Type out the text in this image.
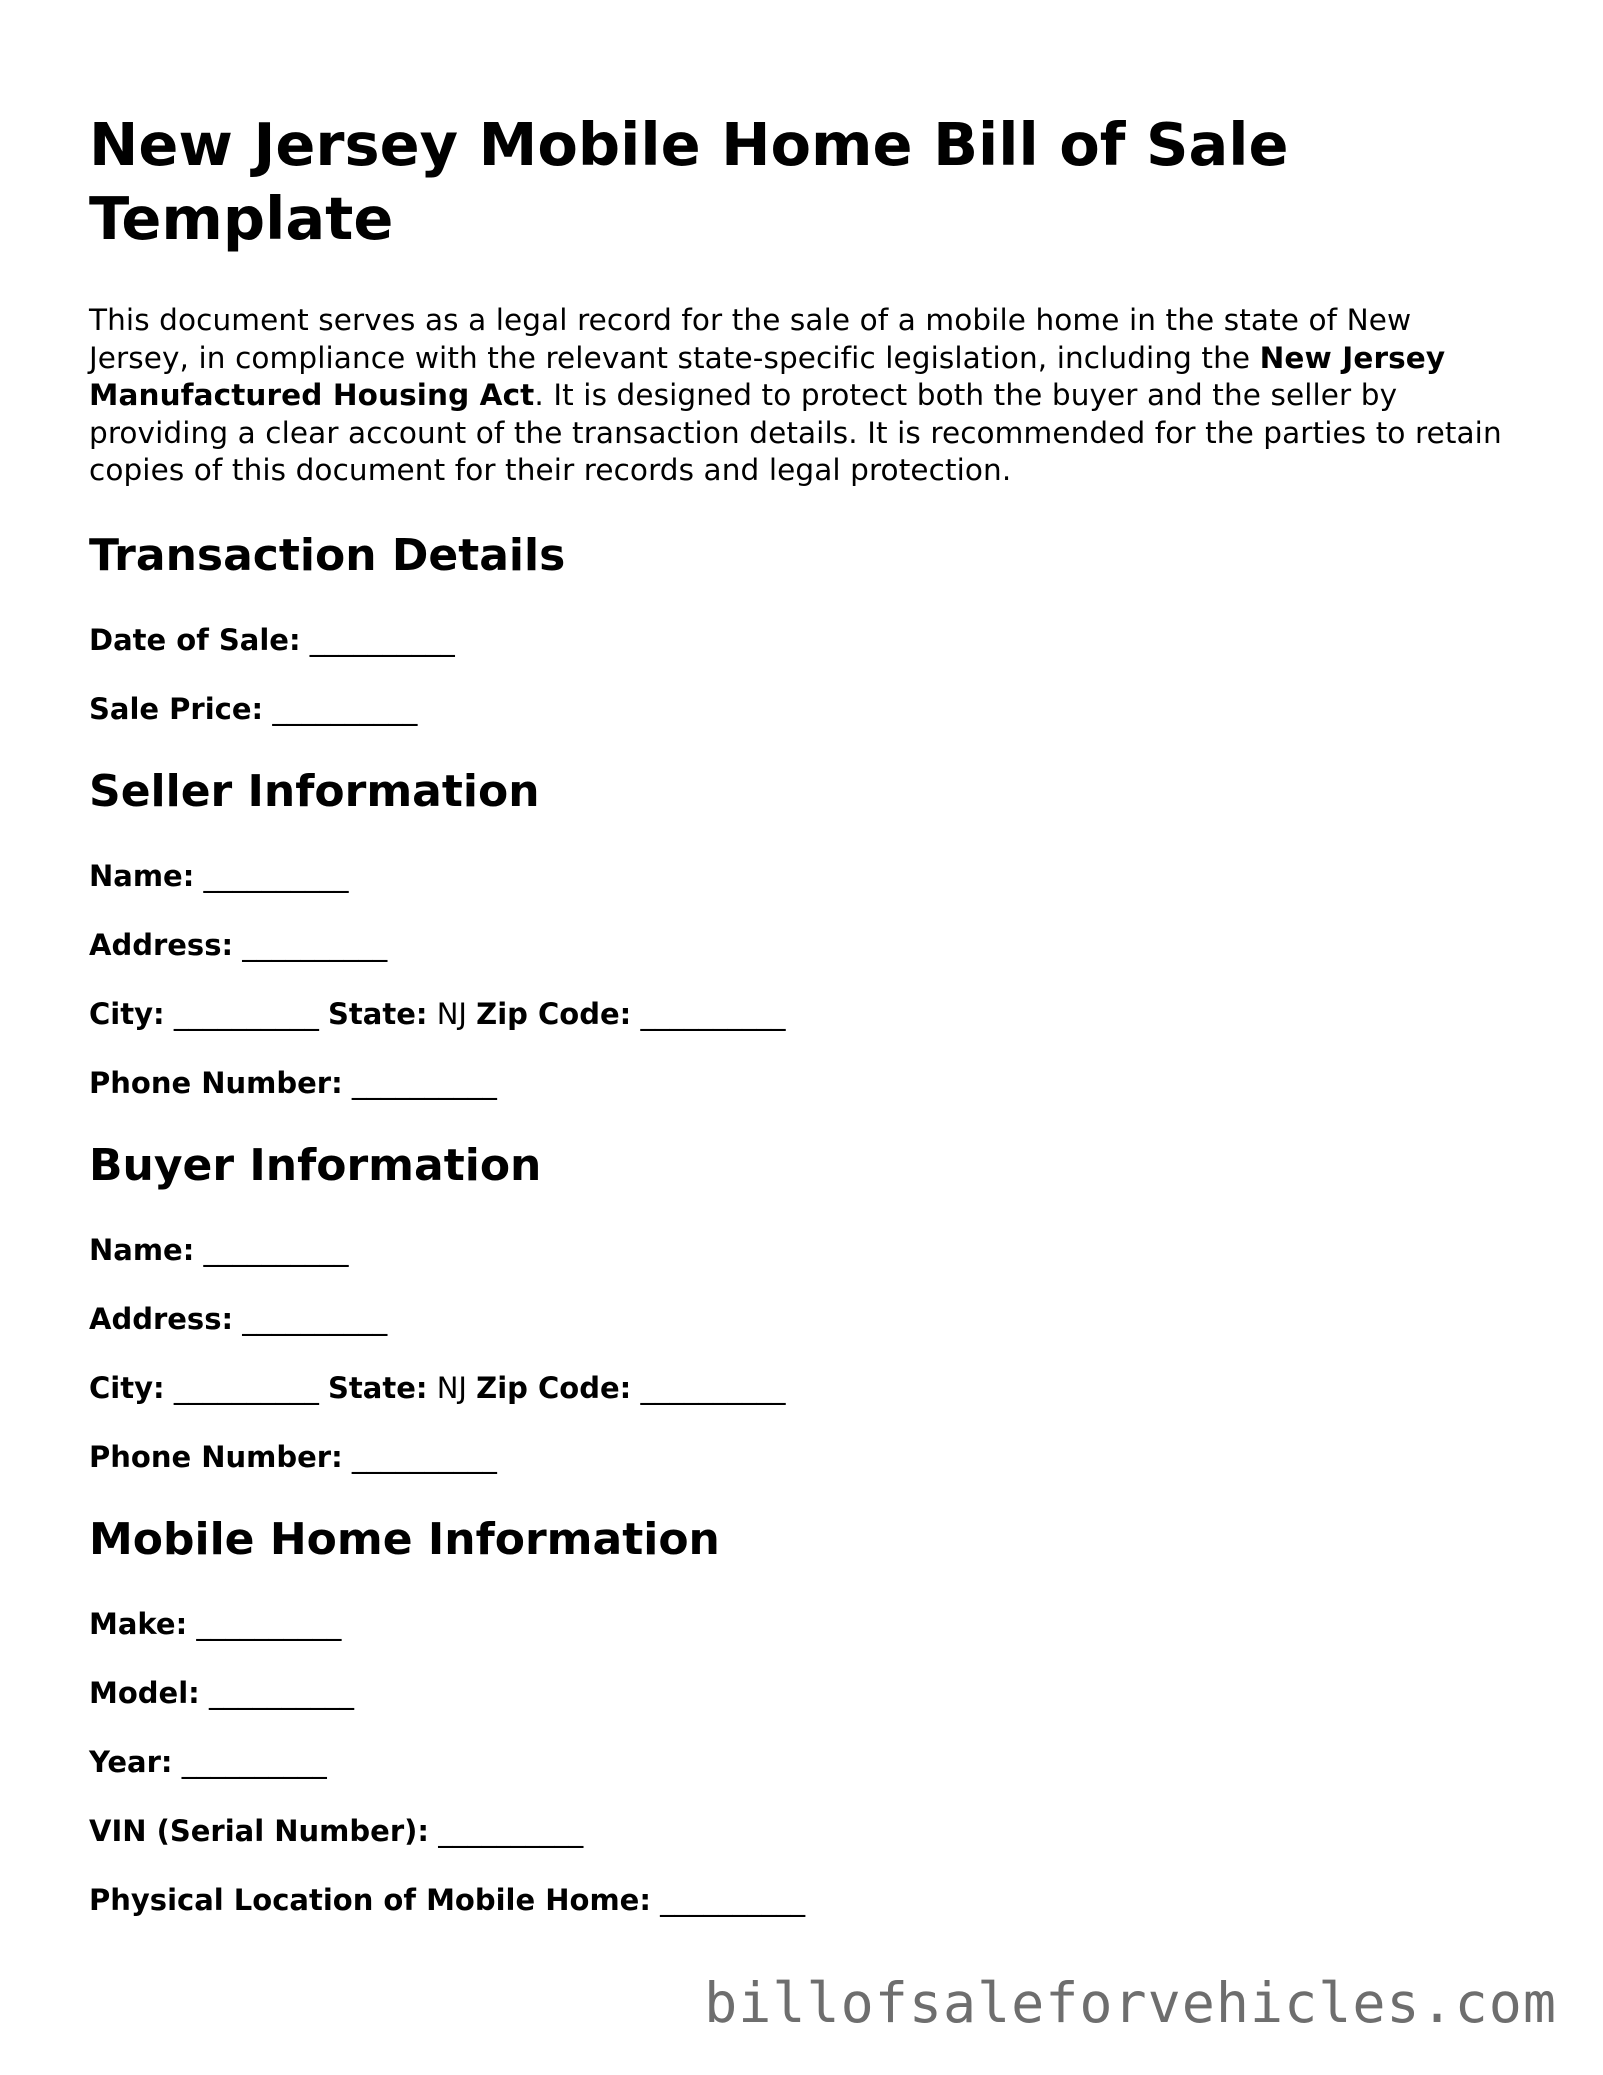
New Jersey Mobile Home Bill of Sale Template

This document serves as a legal record for the sale of a mobile home in the state of New Jersey, in compliance with the relevant state-specific legislation, including the New Jersey Manufactured Housing Act. It is designed to protect both the buyer and the seller by providing a clear account of the transaction details. It is recommended for the parties to retain copies of this document for their records and legal protection.

Transaction Details
Date of Sale: __________
Sale Price: __________
Seller Information
Name: __________
Address: __________
City: __________ State: NJ Zip Code: __________
Phone Number: __________
Buyer Information
Name: __________
Address: __________
City: __________ State: NJ Zip Code: __________
Phone Number: __________
Mobile Home Information
Make: __________
Model: __________
Year: __________
VIN (Serial Number): __________
Physical Location of Mobile Home: __________
billofsaleforvehicles.com
